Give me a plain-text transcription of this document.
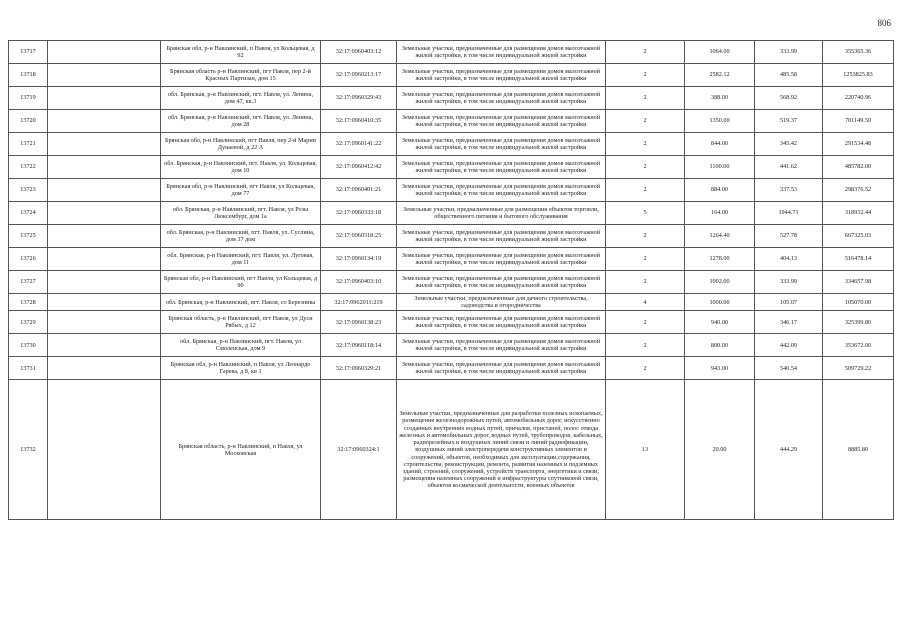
806
13717		Брянская обл, р-н Навлинский, п Навля, ул Кольцевая, д 92	32:17:0960403:12	Земельные участки, предназначенные для размещения домов малоэтажной жилой застройки, в том числе индивидуальной жилой застройки	2	1064.00	333.99	355365.36
13718		Брянская область р-н Навлинский, пгт Навля, пер 2-й Красных Партизан, дом 15	32:17:0960213:17	Земельные участки, предназначенные для размещения домов малоэтажной жилой застройки, в том числе индивидуальной жилой застройки	2	2582.12	485.58	1253825.83
13719		обл. Брянская, р-н Навлинский, пгт. Навля, ул. Ленина, дом 47, кв.3	32:17:0960329:43	Земельные участки, предназначенные для размещения домов малоэтажной жилой застройки, в том числе индивидуальной жилой застройки	2	388.00	568.92	220740.96
13720		обл. Брянская, р-н Навлинский, пгт. Навля, ул. Ленина, дом 28	32:17:0960410:35	Земельные участки, предназначенные для размещения домов малоэтажной жилой застройки, в том числе индивидуальной жилой застройки	2	1350.00	519.37	701149.50
13721		Брянская обл, р-н Навлинский, пгт Навля, пер 2-й Марии Дунаевой, д 22 А	32:17:0960141:22	Земельные участки, предназначенные для размещения домов малоэтажной жилой застройки, в том числе индивидуальной жилой застройки	2	844.00	345.42	291534.48
13722		обл. Брянская, р-н Навлинский, пгт. Навля, ул. Кольцевая, дом 10	32:17:0960412:42	Земельные участки, предназначенные для размещения домов малоэтажной жилой застройки, в том числе индивидуальной жилой застройки	2	1100.00	441.62	485782.00
13723		Брянская обл, р-н Навлинский, пгт Навля, ул Кольцевая, дом 77	32:17:0960401:21	Земельные участки, предназначенные для размещения домов малоэтажной жилой застройки, в том числе индивидуальной жилой застройки	2	884.00	337.53	298376.52
13724		обл. Брянская, р-н Навлинский, пгт. Навля, ул Розы Люксембург, дом 1а	32:17:0960333:18	Земельные участки, предназначенные для размещения объектов торговли, общественного питания и бытового обслуживания	5	164.00	1944.71	318932.44
13725		обл. Брянская, р-н Навлинский, пгт. Навля, ул. Суслина, дом 37 дом	32:17:0960318:25	Земельные участки, предназначенные для размещения домов малоэтажной жилой застройки, в том числе индивидуальной жилой застройки	2	1264.40	527.78	667325.03
13726		обл. Брянская, р-н Навлинский, пгт. Навля, ул. Луговая, дом 11	32:17:0960134:19	Земельные участки, предназначенные для размещения домов малоэтажной жилой застройки, в том числе индивидуальной жилой застройки	2	1278.00	404.13	516478.14
13727		Брянская обл, р-н Навлинский, пгт Навля, ул Кольцевая, д 90	32:17:0960403:10	Земельные участки, предназначенные для размещения домов малоэтажной жилой застройки, в том числе индивидуальной жилой застройки	2	1002.00	333.99	334657.98
13728		обл. Брянская, р-н Навлинский, пгт. Навля, со Березника	32:17:0962011:219	Земельные участки, предназначенные для дачного строительства, садоводства и огородничества	4	1000.00	105.07	105070.00
13729		Брянская область, р-н Навлинский, пгт Навля, ул Дуси Рябых, д 12	32:17:0960138:23	Земельные участки, предназначенные для размещения домов малоэтажной жилой застройки, в том числе индивидуальной жилой застройки	2	940.00	346.17	325399.80
13730		обл. Брянская, р-н Навлинский, пгт. Навля, ул Смоленская, дом 9	32:17:0960118:14	Земельные участки, предназначенные для размещения домов малоэтажной жилой застройки, в том числе индивидуальной жилой застройки	2	800.00	442.09	353672.00
13731		Брянская обл, р-н Навлинский, п Навля, ул Леонардо Гарева, д 8, кв 1	32:17:0960329:21	Земельные участки, предназначенные для размещения домов малоэтажной жилой застройки, в том числе индивидуальной жилой застройки	2	943.00	540.54	509729.22
13732		Брянская область, р-н Навлинский, п Навля, ул Московская	32:17:0960324:1	Земельные участки, предназначенные для разработки полезных ископаемых, размещения железнодорожных путей, автомобильных дорог, искусственно созданных внутренних водных путей, причалов, пристаней, полос отвода железных и автомобильных дорог, водных путей, трубопроводов, кабельных, радиорелейных и воздушных линий связи и линий радиофикации, воздушных линий электропередачи конструктивных элементов и сооружений, объектов, необходимых для эксплуатации,содержания, строительства, реконструкции, ремонта, развития наземных и подземных зданий, строений, сооружений, устройств транспорта, энергетики и связи; размещения наземных сооружений и инфраструктуры спутниковой связи, объектов космической деятельности, военных объектов	13	20.00	444.29	8885.80
